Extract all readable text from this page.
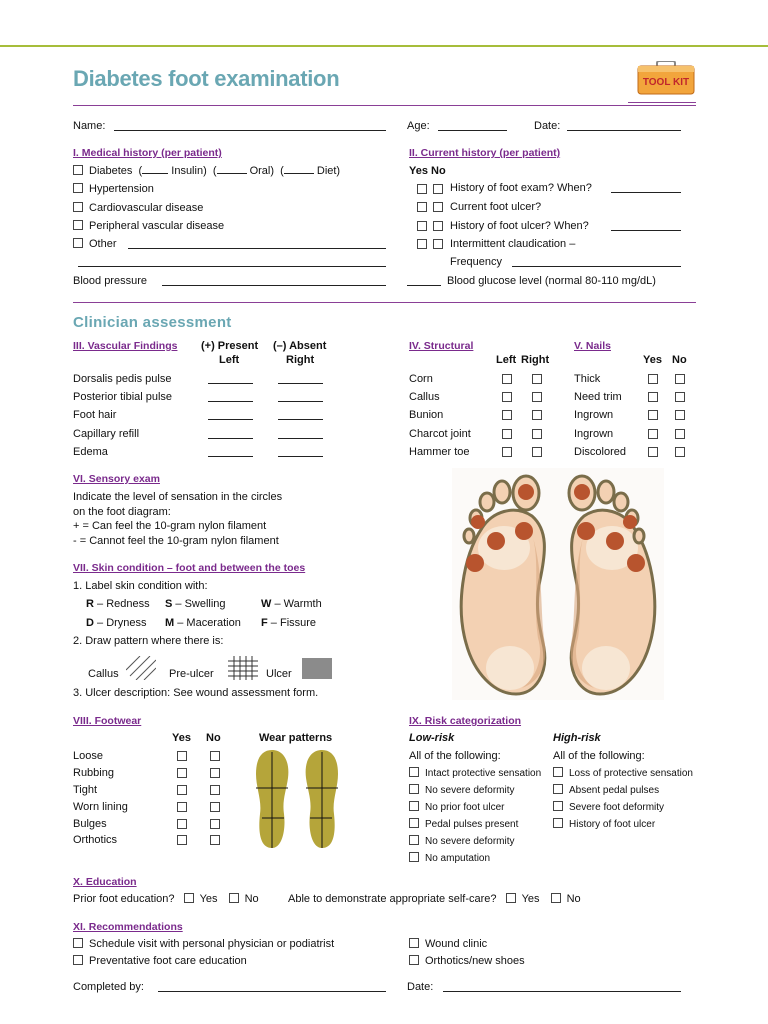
Diabetes foot examination	TOOL KIT
Name:	Age:	Date:
I. Medical history (per patient)
Diabetes  (	Insulin)  (	Oral)  (	Diet)
Hypertension
Cardiovascular disease
Peripheral vascular disease
Other
Blood pressure
II. Current history (per patient)
Yes No
History of foot exam? When?
Current foot ulcer?
History of foot ulcer? When?
Intermittent claudication –
Frequency
Blood glucose level (normal 80-110 mg/dL)
Clinician assessment
III. Vascular Findings (+) Present (–) Absent
Left	Right
Dorsalis pedis pulse
Posterior tibial pulse
Foot hair
Capillary refill
Edema
IV. Structural
Left Right
Corn
Callus
Bunion
Charcot joint
Hammer toe
V. Nails
Yes No
Thick
Need trim
Ingrown
Ingrown
Discolored
VI. Sensory exam
Indicate the level of sensation in the circles
on the foot diagram:
+ = Can feel the 10-gram nylon filament
- = Cannot feel the 10-gram nylon filament
VII. Skin condition – foot and between the toes
1. Label skin condition with:
R – Redness S – Swelling	W – Warmth
D – Dryness M – Maceration F – Fissure
2. Draw pattern where there is:
Callus	Pre-ulcer	Ulcer
3. Ulcer description: See wound assessment form.
VIII. Footwear
Yes No	Wear patterns
Loose
Rubbing
Tight
Worn lining
Bulges
Orthotics
IX. Risk categorization
Low-risk	High-risk
All of the following:	All of the following:
Intact protective sensation
No severe deformity
No prior foot ulcer
Pedal pulses present
No severe deformity
No amputation
Loss of protective sensation
Absent pedal pulses
Severe foot deformity
History of foot ulcer
X. Education
Prior foot education? Yes No	Able to demonstrate appropriate self-care? Yes No
XI. Recommendations
Schedule visit with personal physician or podiatrist
Preventative foot care education
Wound clinic
Orthotics/new shoes
Completed by:	Date:
